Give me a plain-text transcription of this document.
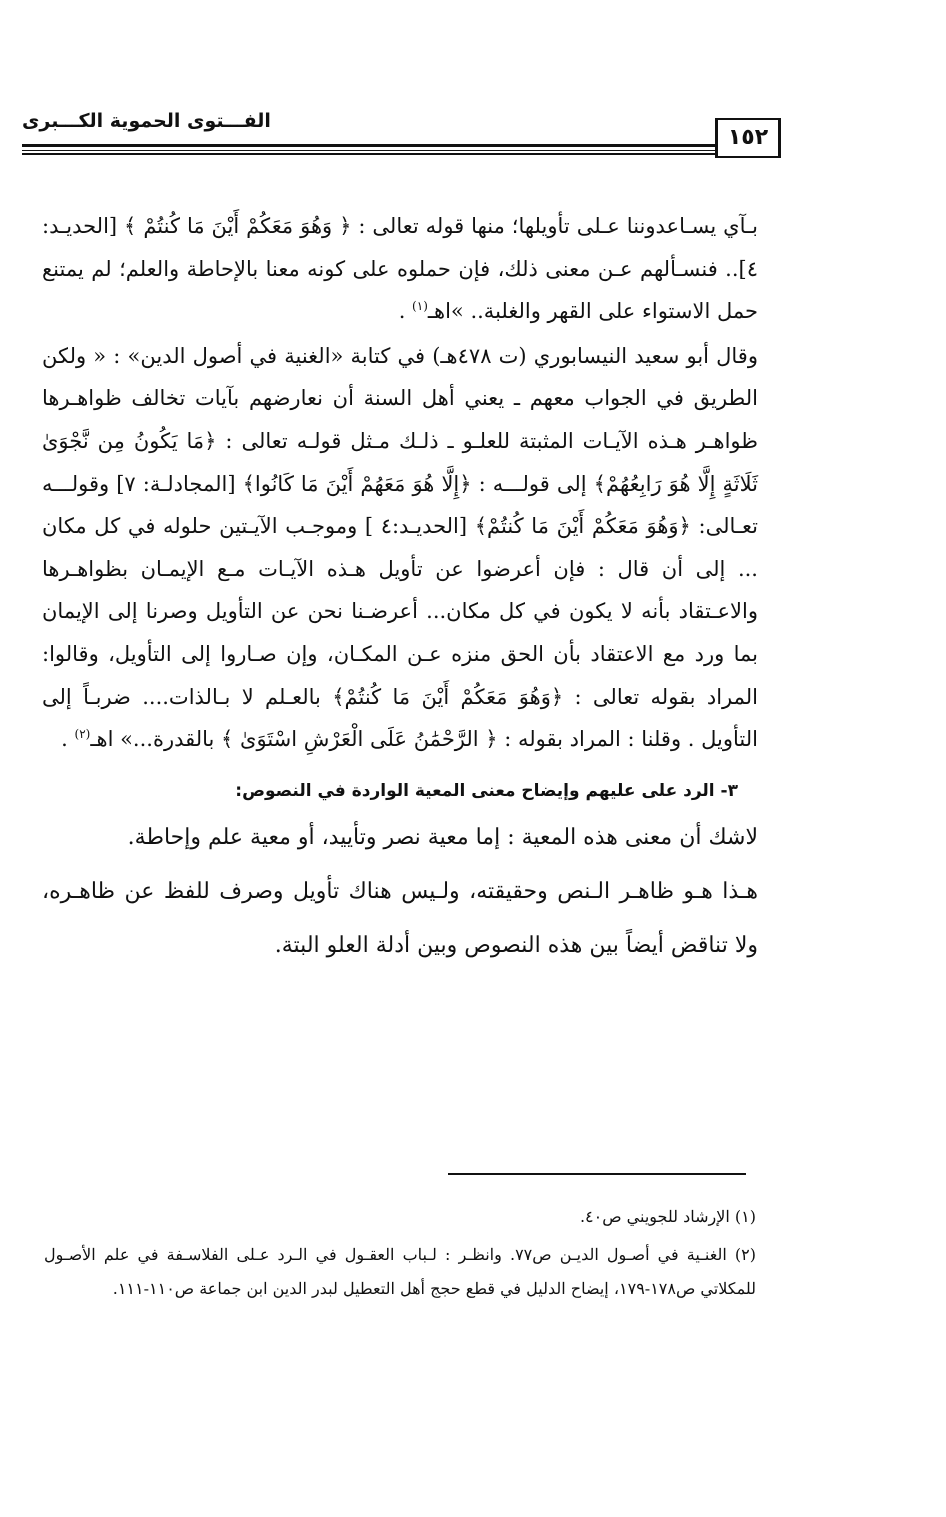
الفـــتوى الحموية الكـــبرى
١٥٢

بـآي يسـاعدوننا عـلى تأويلها؛ منها قوله تعالى : ﴿ وَهُوَ مَعَكُمْ أَيْنَ مَا كُنتُمْ ﴾ [الحديـد: ٤].. فنسـألهم عـن معنى ذلك، فإن حملوه على كونه معنا بالإحاطة والعلم؛ لم يمتنع حمل الاستواء على القهر والغلبة.. »اهـ$^{(١)}$ .

وقال أبو سعيد النيسابوري (ت ٤٧٨هـ) في كتابة «الغنية في أصول الدين» : « ولكن الطريق في الجواب معهم ـ يعني أهل السنة أن نعارضهم بآيات تخالف ظواهـرها ظواهـر هـذه الآيـات المثبتة للعلـو ـ ذلـك مـثل قولـه تعالى : ﴿مَا يَكُونُ مِن نَّجْوَىٰ ثَلَاثَةٍ إِلَّا هُوَ رَابِعُهُمْ﴾ إلى قولـــه : ﴿إِلَّا هُوَ مَعَهُمْ أَيْنَ مَا كَانُوا﴾ [المجادلـة: ٧] وقولـــه تعـالى: ﴿وَهُوَ مَعَكُمْ أَيْنَ مَا كُنتُمْ﴾ [الحديـد:٤ ] وموجـب الآيـتين حلوله في كل مكان ... إلى أن قال : فإن أعرضوا عن تأويل هـذه الآيـات مـع الإيمـان بظواهـرها والاعـتقاد بأنه لا يكون في كل مكان... أعرضـنا نحن عن التأويل وصرنا إلى الإيمان بما ورد مع الاعتقاد بأن الحق منزه عـن المكـان، وإن صـاروا إلى التأويل، وقالوا: المراد بقوله تعالى : ﴿وَهُوَ مَعَكُمْ أَيْنَ مَا كُنتُمْ﴾ بالعـلم لا بـالذات.... ضربـاً إلى التأويل . وقلنا : المراد بقوله : ﴿ الرَّحْمَٰنُ عَلَى الْعَرْشِ اسْتَوَىٰ ﴾ بالقدرة...» اهـ$^{(٢)}$ .

٣- الرد على عليهم وإيضاح معنى المعية الواردة في النصوص:

لاشك أن معنى هذه المعية : إما معية نصر وتأييد، أو معية علم وإحاطة.

هـذا هـو ظاهـر الـنص وحقيقته، ولـيس هناك تأويل وصرف للفظ عن ظاهـره، ولا تناقض أيضاً بين هذه النصوص وبين أدلة العلو البتة.

(١) الإرشاد للجويني ص٤٠.

(٢) الغنـية في أصـول الديـن ص٧٧. وانظـر : لـباب العقـول في الـرد عـلى الفلاسـفة في علم الأصـول للمكلاتي ص١٧٨-١٧٩، إيضاح الدليل في قطع حجج أهل التعطيل لبدر الدين ابن جماعة ص١١٠-١١١.
